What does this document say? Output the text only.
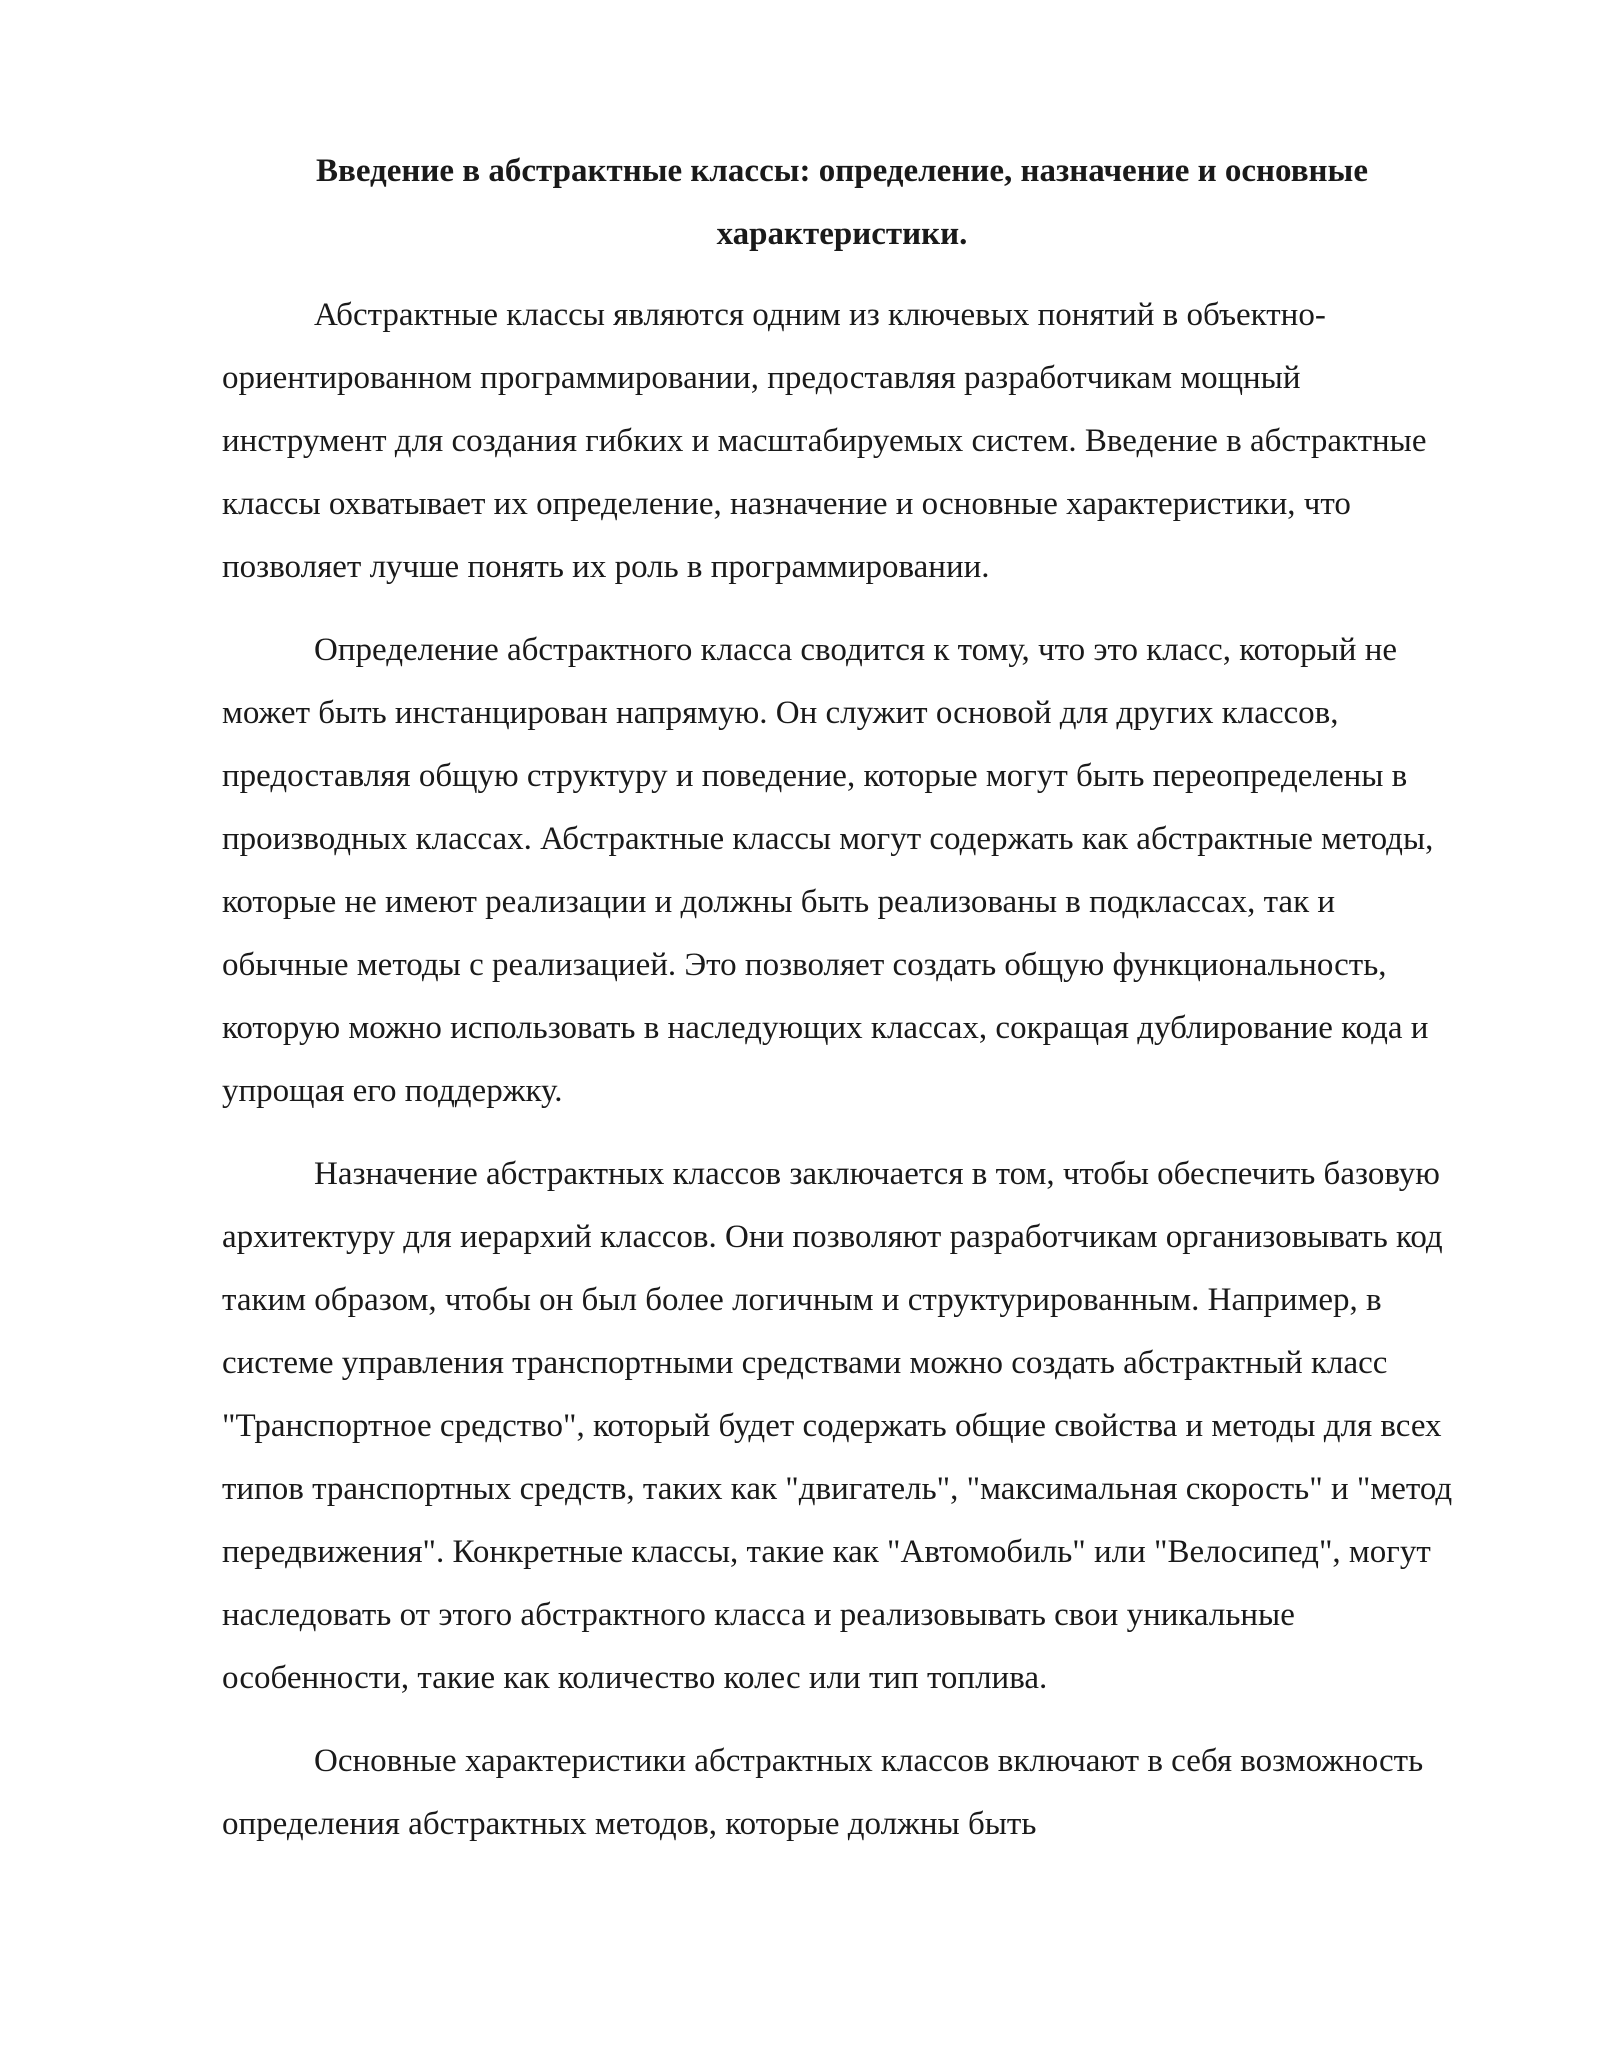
Введение в абстрактные классы: определение, назначение и основные характеристики.

Абстрактные классы являются одним из ключевых понятий в объектно-ориентированном программировании, предоставляя разработчикам мощный инструмент для создания гибких и масштабируемых систем. Введение в абстрактные классы охватывает их определение, назначение и основные характеристики, что позволяет лучше понять их роль в программировании.

Определение абстрактного класса сводится к тому, что это класс, который не может быть инстанцирован напрямую. Он служит основой для других классов, предоставляя общую структуру и поведение, которые могут быть переопределены в производных классах. Абстрактные классы могут содержать как абстрактные методы, которые не имеют реализации и должны быть реализованы в подклассах, так и обычные методы с реализацией. Это позволяет создать общую функциональность, которую можно использовать в наследующих классах, сокращая дублирование кода и упрощая его поддержку.

Назначение абстрактных классов заключается в том, чтобы обеспечить базовую архитектуру для иерархий классов. Они позволяют разработчикам организовывать код таким образом, чтобы он был более логичным и структурированным. Например, в системе управления транспортными средствами можно создать абстрактный класс "Транспортное средство", который будет содержать общие свойства и методы для всех типов транспортных средств, таких как "двигатель", "максимальная скорость" и "метод передвижения". Конкретные классы, такие как "Автомобиль" или "Велосипед", могут наследовать от этого абстрактного класса и реализовывать свои уникальные особенности, такие как количество колес или тип топлива.

Основные характеристики абстрактных классов включают в себя возможность определения абстрактных методов, которые должны быть
